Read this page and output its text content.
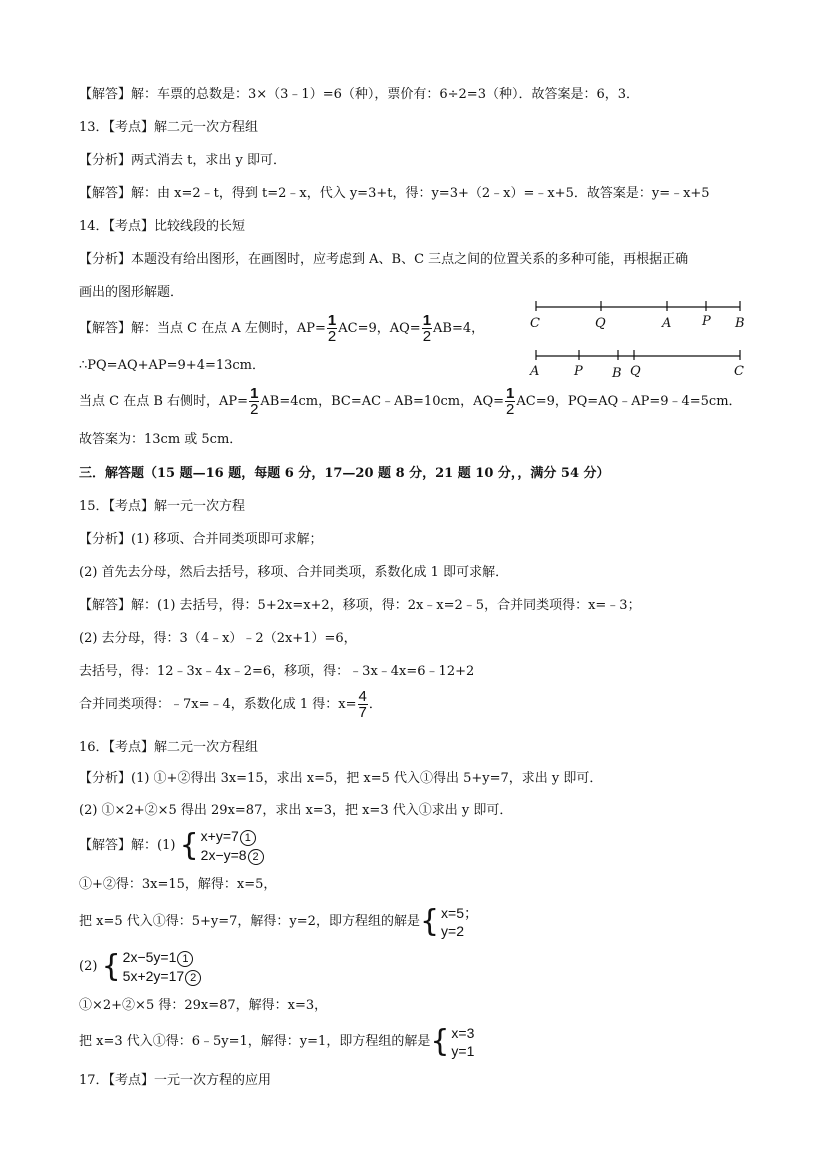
【解答】解：车票的总数是：3×（3﹣1）=6（种），票价有：6÷2=3（种）．故答案是：6，3．
13．【考点】解二元一次方程组
【分析】两式消去 t，求出 y 即可．
【解答】解：由 x=2﹣t，得到 t=2﹣x，代入 y=3+t，得：y=3+（2﹣x）=﹣x+5．故答案是：y=﹣x+5
14．【考点】比较线段的长短
【分析】本题没有给出图形，在画图时，应考虑到 A、B、C 三点之间的位置关系的多种可能，再根据正确
画出的图形解题．
【解答】解：当点 C 在点 A 左侧时，$AP= \frac{1}{2} AC=9$，$AQ= \frac{1}{2} AB=4$，
∴PQ=AQ+AP=9+4=13cm．
C	Q	A P B
A	P B Q	C
当点 C 在点 B 右侧时，$AP= \frac{1}{2} AB=4cm$，BC=AC﹣AB=10cm，$AQ= \frac{1}{2} AC=9$，PQ=AQ﹣AP=9﹣4=5cm．
故答案为：13cm 或 5cm．
三．解答题（15 题—16 题，每题 6 分，17—20 题 8 分，21 题 10 分，，满分 54 分）
15．【考点】解一元一次方程
【分析】(1) 移项、合并同类项即可求解；
(2) 首先去分母，然后去括号，移项、合并同类项，系数化成 1 即可求解．
【解答】解：(1) 去括号，得：5+2x=x+2，移项，得：2x﹣x=2﹣5，合并同类项得：x=﹣3；
(2) 去分母，得：3（4﹣x）﹣2（2x+1）=6，
去括号，得：12﹣3x﹣4x﹣2=6，移项，得：﹣3x﹣4x=6﹣12+2
合并同类项得：﹣7x=﹣4，系数化成 1 得：$x= \frac{4}{7}$ ．
16．【考点】解二元一次方程组
【分析】(1) ①+②得出 3x=15，求出 x=5，把 x=5 代入①得出 5+y=7，求出 y 即可．
(2) ①×2+②×5 得出 29x=87，求出 x=3，把 x=3 代入①求出 y 即可．
【解答】解：(1) { x+y=7 1
2x−y=8 2
①+②得：3x=15，解得：x=5，
把 x=5 代入①得：5+y=7，解得：y=2，即方程组的解是{ x=5；
y=2
(2) { 2x−5y=1 1
5x+2y=17 2
①×2+②×5 得：29x=87，解得：x=3，
把 x=3 代入①得：6﹣5y=1，解得：y=1，即方程组的解是{ x=3
y=1
17．【考点】一元一次方程的应用
